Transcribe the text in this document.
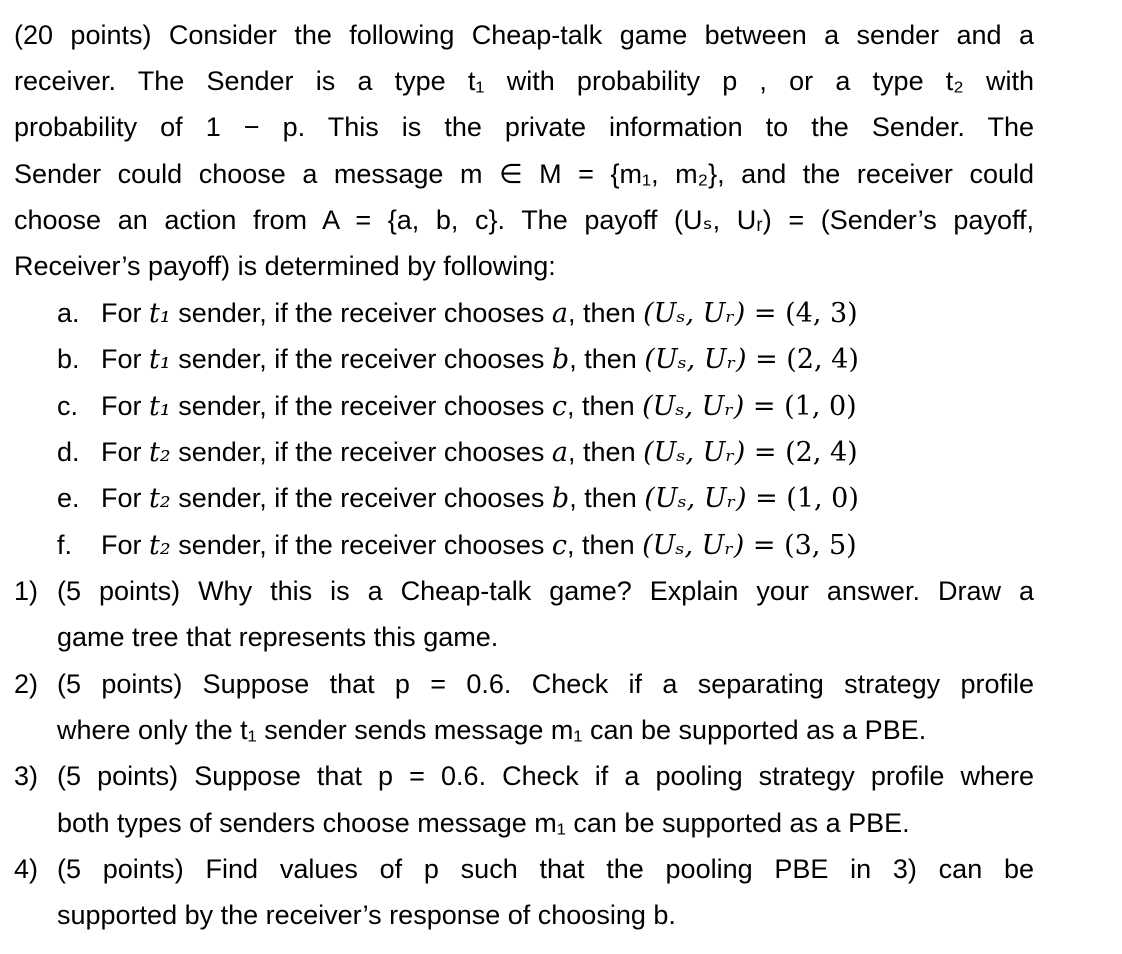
(20 points) Consider the following Cheap-talk game between a sender and a
receiver. The Sender is a type t₁ with probability p , or a type t₂ with
probability of 1 − p. This is the private information to the Sender. The
Sender could choose a message m ∈ M = {m₁, m₂}, and the receiver could
choose an action from A = {a, b, c}. The payoff (Uₛ, Uᵣ) = (Sender’s payoff,
Receiver’s payoff) is determined by following:
a. For t₁ sender, if the receiver chooses a, then (Uₛ, Uᵣ) = (4, 3)
b. For t₁ sender, if the receiver chooses b, then (Uₛ, Uᵣ) = (2, 4)
c. For t₁ sender, if the receiver chooses c, then (Uₛ, Uᵣ) = (1, 0)
d. For t₂ sender, if the receiver chooses a, then (Uₛ, Uᵣ) = (2, 4)
e. For t₂ sender, if the receiver chooses b, then (Uₛ, Uᵣ) = (1, 0)
f. For t₂ sender, if the receiver chooses c, then (Uₛ, Uᵣ) = (3, 5)
1) (5 points) Why this is a Cheap-talk game? Explain your answer. Draw a
game tree that represents this game.
2) (5 points) Suppose that p = 0.6. Check if a separating strategy profile
where only the t₁ sender sends message m₁ can be supported as a PBE.
3) (5 points) Suppose that p = 0.6. Check if a pooling strategy profile where
both types of senders choose message m₁ can be supported as a PBE.
4) (5 points) Find values of p such that the pooling PBE in 3) can be
supported by the receiver’s response of choosing b.
